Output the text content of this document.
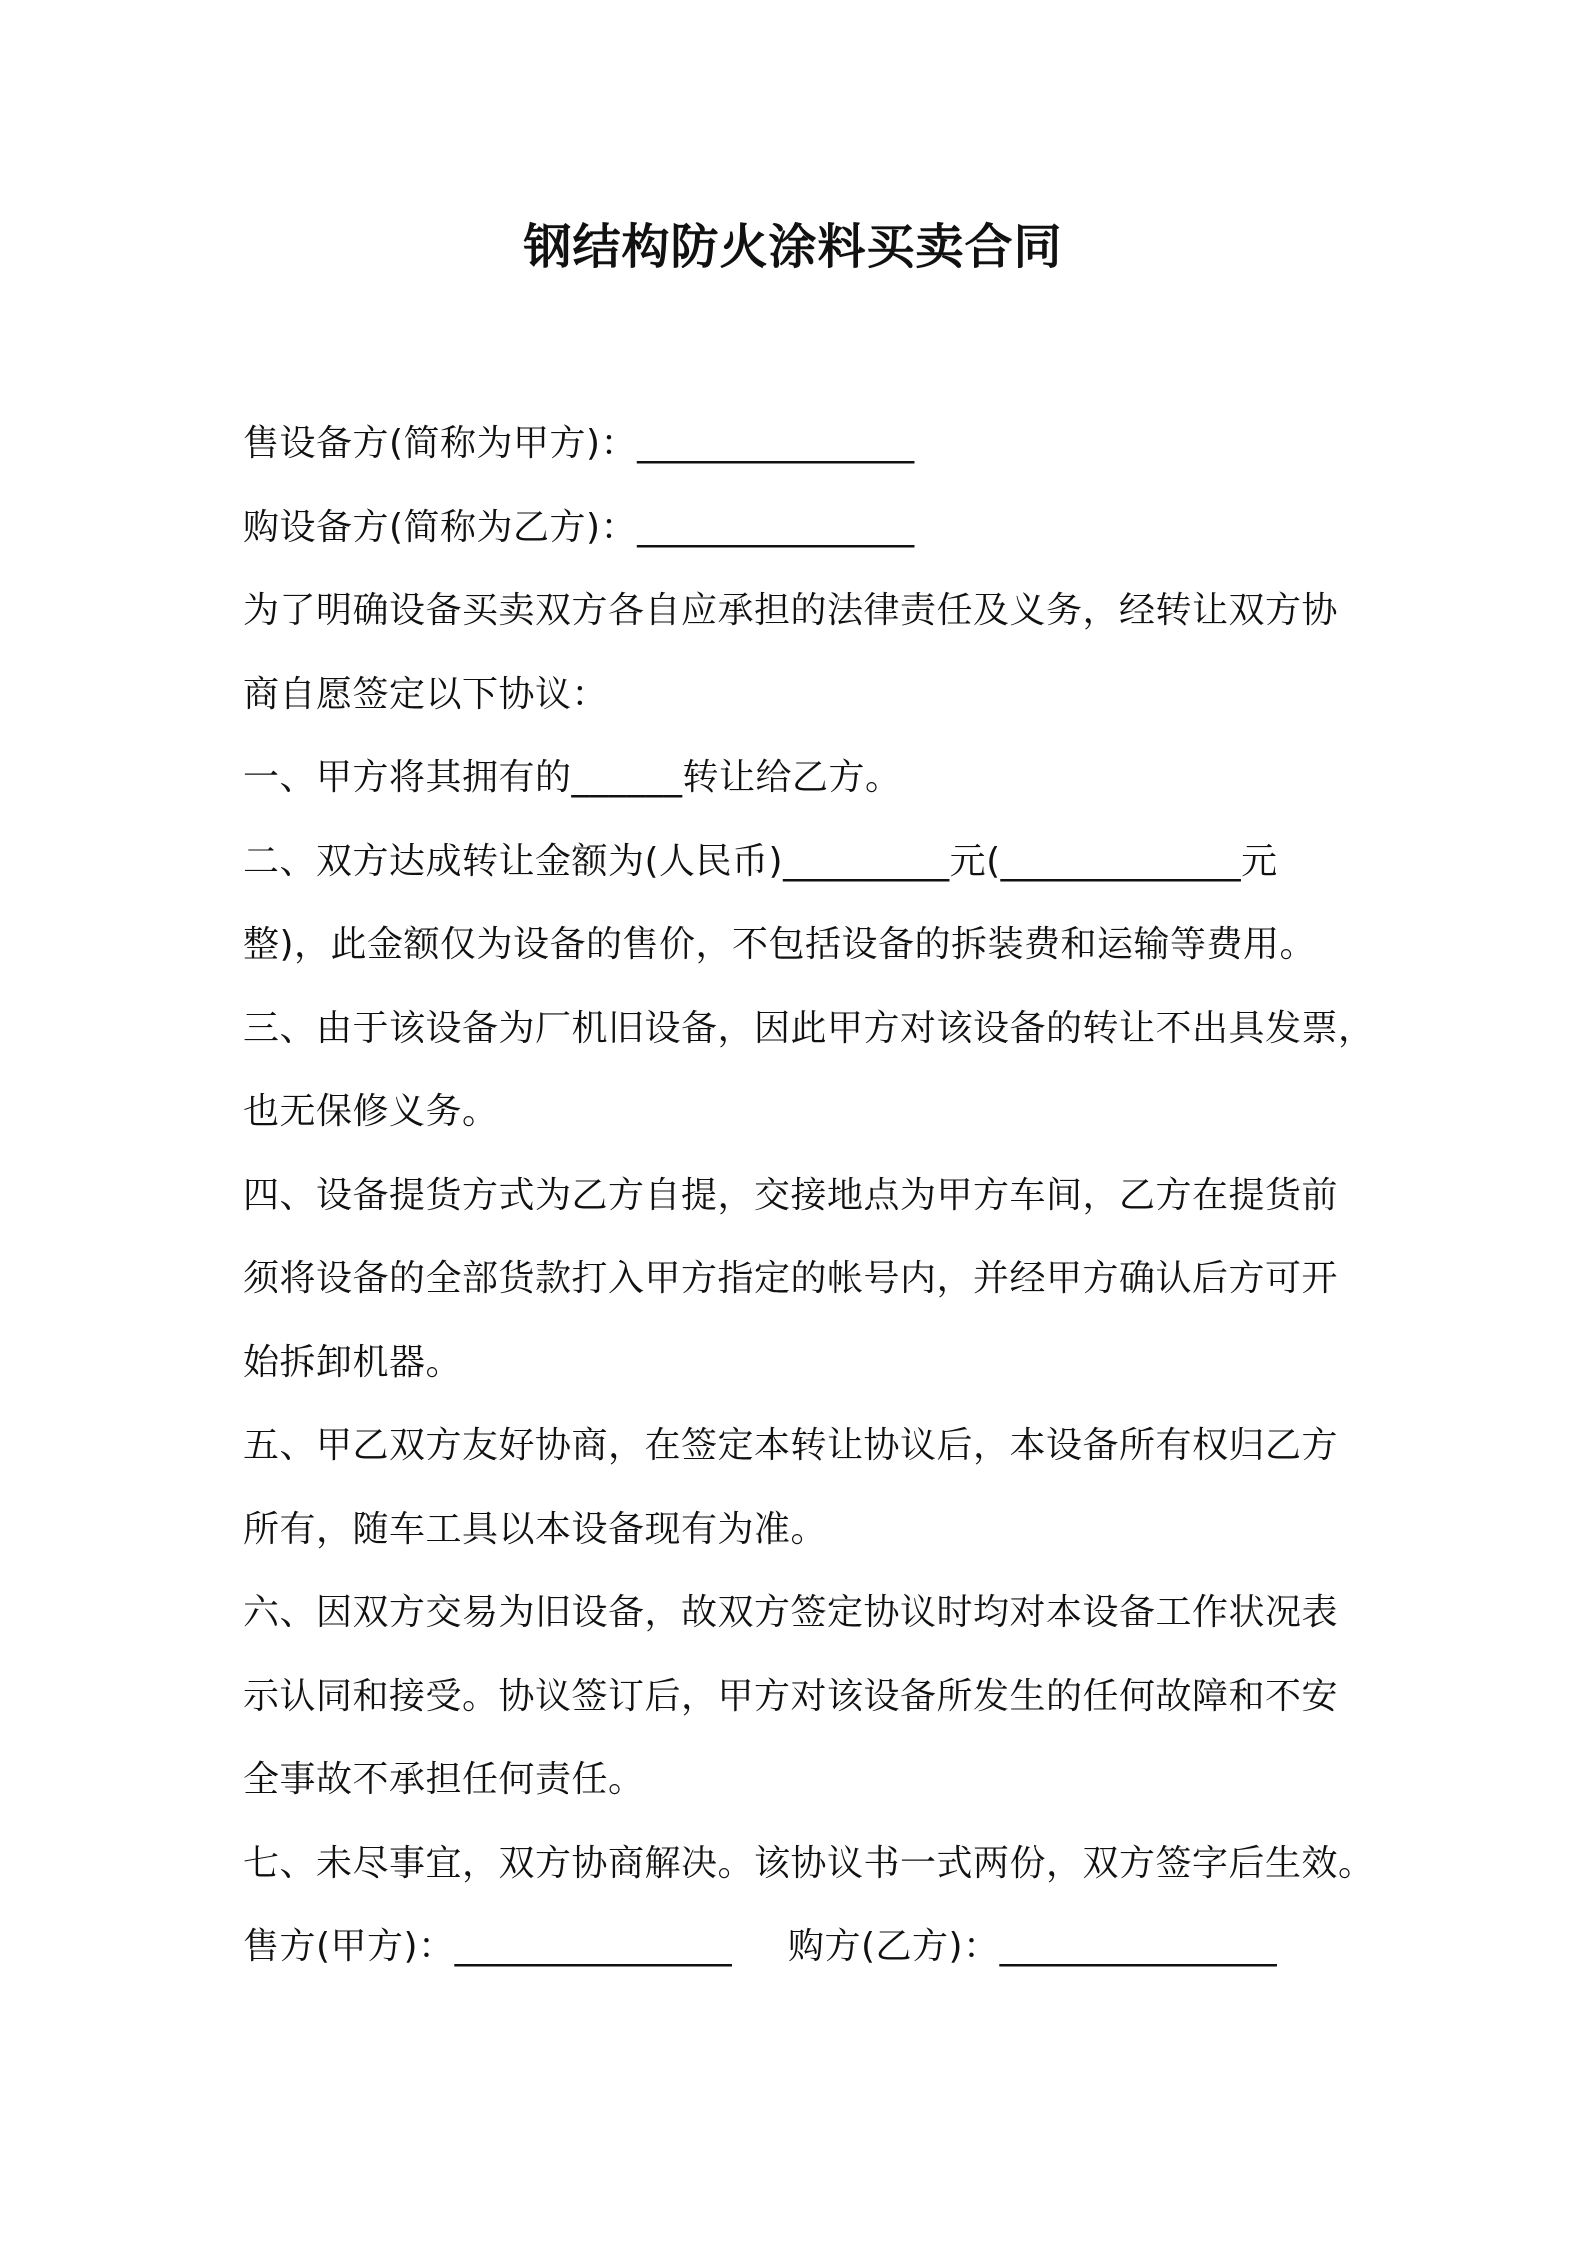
钢结构防火涂料买卖合同
售设备方(简称为甲方)：_______________
购设备方(简称为乙方)：_______________
为了明确设备买卖双方各自应承担的法律责任及义务，经转让双方协
商自愿签定以下协议：
一、甲方将其拥有的______转让给乙方。
二、双方达成转让金额为(人民币)_________元(_____________元
整)，此金额仅为设备的售价，不包括设备的拆装费和运输等费用。
三、由于该设备为厂机旧设备，因此甲方对该设备的转让不出具发票，
也无保修义务。
四、设备提货方式为乙方自提，交接地点为甲方车间，乙方在提货前
须将设备的全部货款打入甲方指定的帐号内，并经甲方确认后方可开
始拆卸机器。
五、甲乙双方友好协商，在签定本转让协议后，本设备所有权归乙方
所有，随车工具以本设备现有为准。
六、因双方交易为旧设备，故双方签定协议时均对本设备工作状况表
示认同和接受。协议签订后，甲方对该设备所发生的任何故障和不安
全事故不承担任何责任。
七、未尽事宜，双方协商解决。该协议书一式两份，双方签字后生效。
售方(甲方)：_______________ 购方(乙方)：_______________
